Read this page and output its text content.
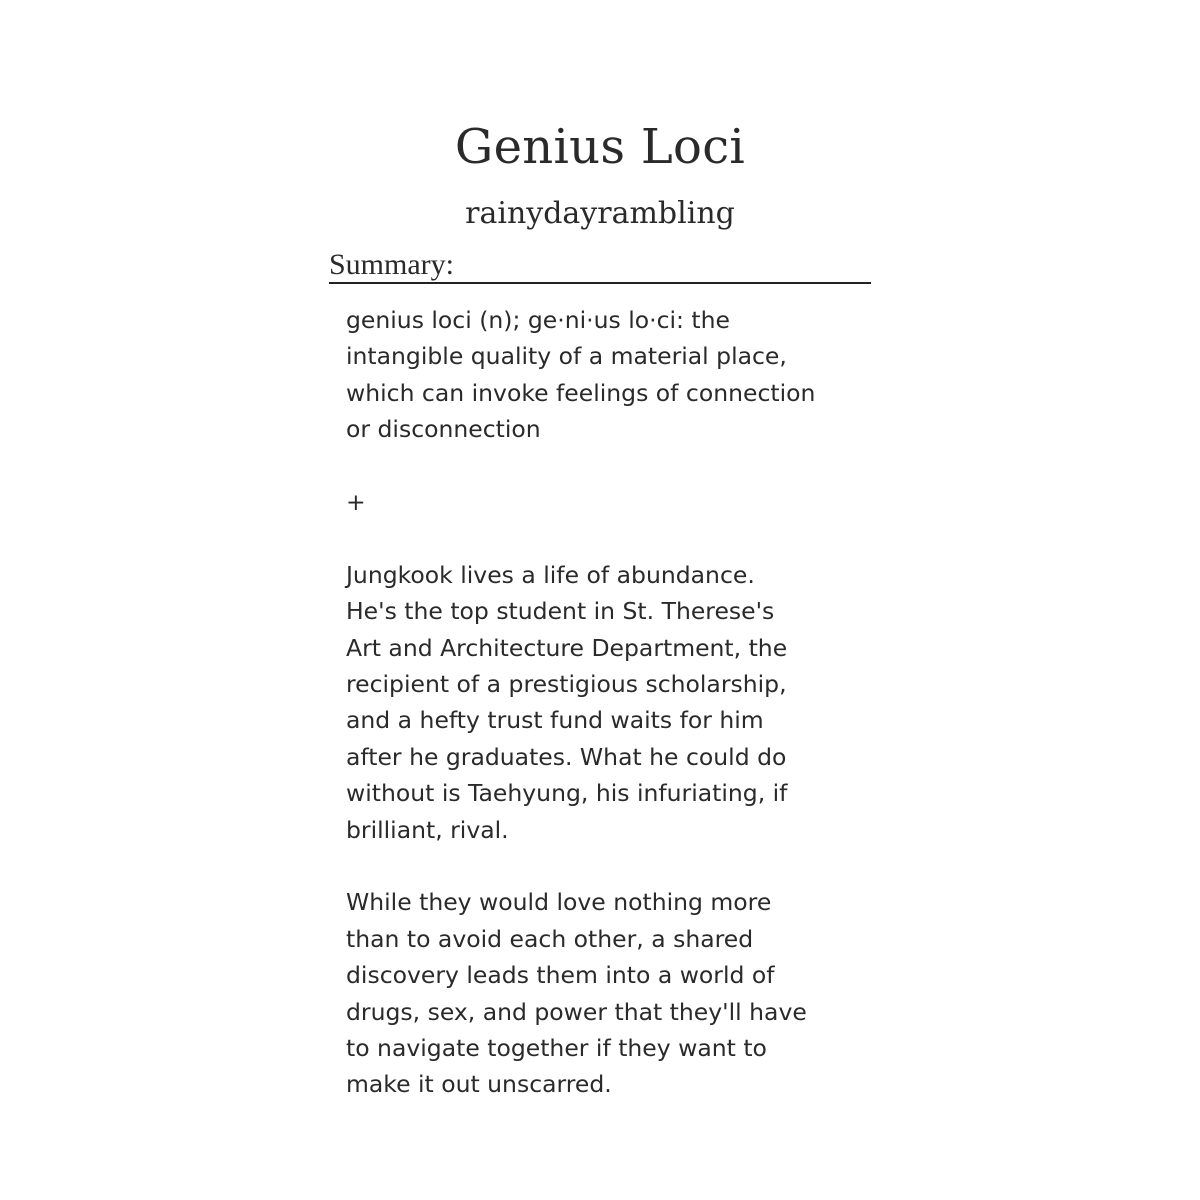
Genius Loci
rainydayrambling
Summary:

genius loci (n); ge·ni·us lo·ci: the
intangible quality of a material place,
which can invoke feelings of connection
or disconnection

+

Jungkook lives a life of abundance.
He's the top student in St. Therese's
Art and Architecture Department, the
recipient of a prestigious scholarship,
and a hefty trust fund waits for him
after he graduates. What he could do
without is Taehyung, his infuriating, if
brilliant, rival.

While they would love nothing more
than to avoid each other, a shared
discovery leads them into a world of
drugs, sex, and power that they'll have
to navigate together if they want to
make it out unscarred.
